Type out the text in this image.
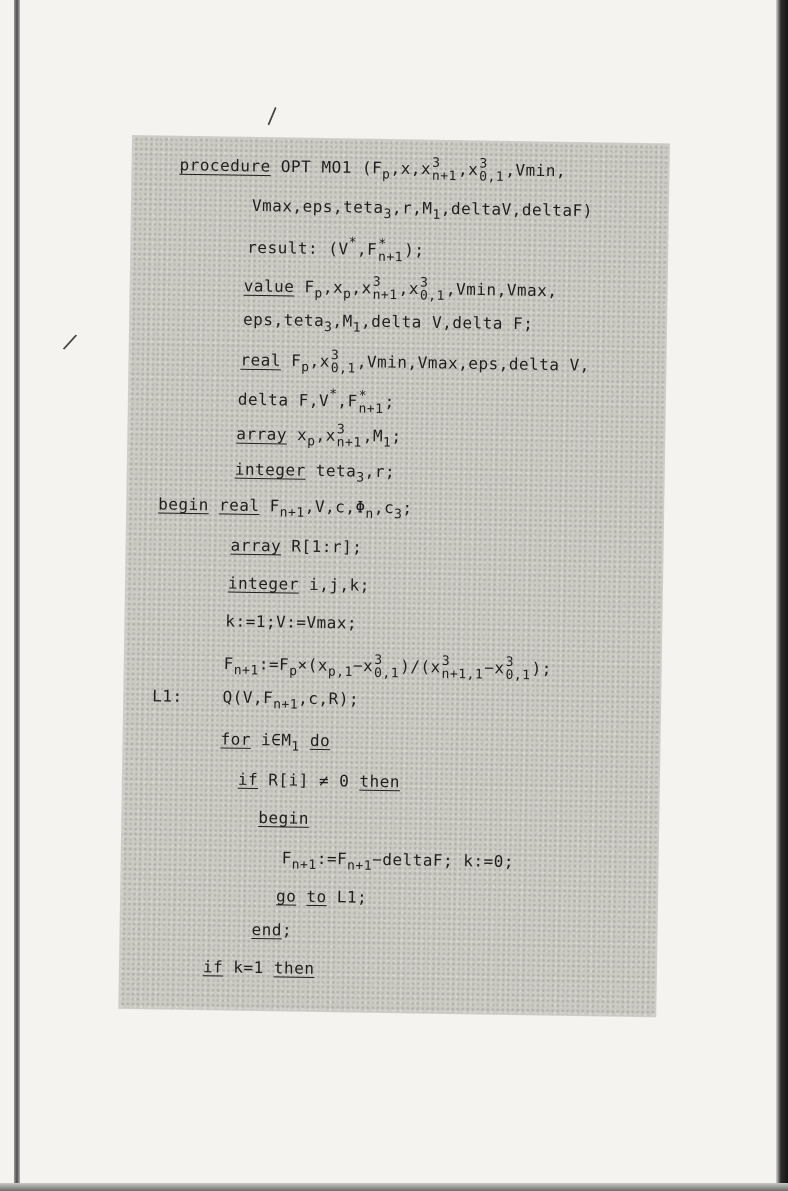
\
/
procedure OPT MO1 ($F_p,x,x$ 3
n+1 ,x 3
0,1 ,Vmin,
$Vmax,eps,teta_3,r,M_1,deltaV,deltaF$)
result: (V*,F *
n+1 );
value $F_p,x_p,x$ 3
n+1 ,x 3
0,1 ,Vmin,Vmax,
$eps,teta_3,M_1,delta$ V,delta F;
real $F_p,x$ 3
0,1 ,Vmin,Vmax,eps,delta V,
delta F,V*,F *
n+1 ;
array $x_p,x$ 3
n+1 $,M_1$;
integer teta$_3$,r;
begin real $F_{n+1},V,c,\Phi_n,c_3$;
array R[1:r];
integer i,j,k;
k:=1;V:=Vmax;
$F_{n+1}:=F_p\times(x_{p,1}-x$ 3
0,1 )/(x 3
n+1,1 −x 3
0,1 );
L1: $Q(V,F_{n+1},c,R)$;
for $i\in M_1$ do
if R[i] ≠ 0 then
begin
$F_{n+1}:=F_{n+1}-deltaF$; k:=0;
go to L1;
end;
if k=1 then
